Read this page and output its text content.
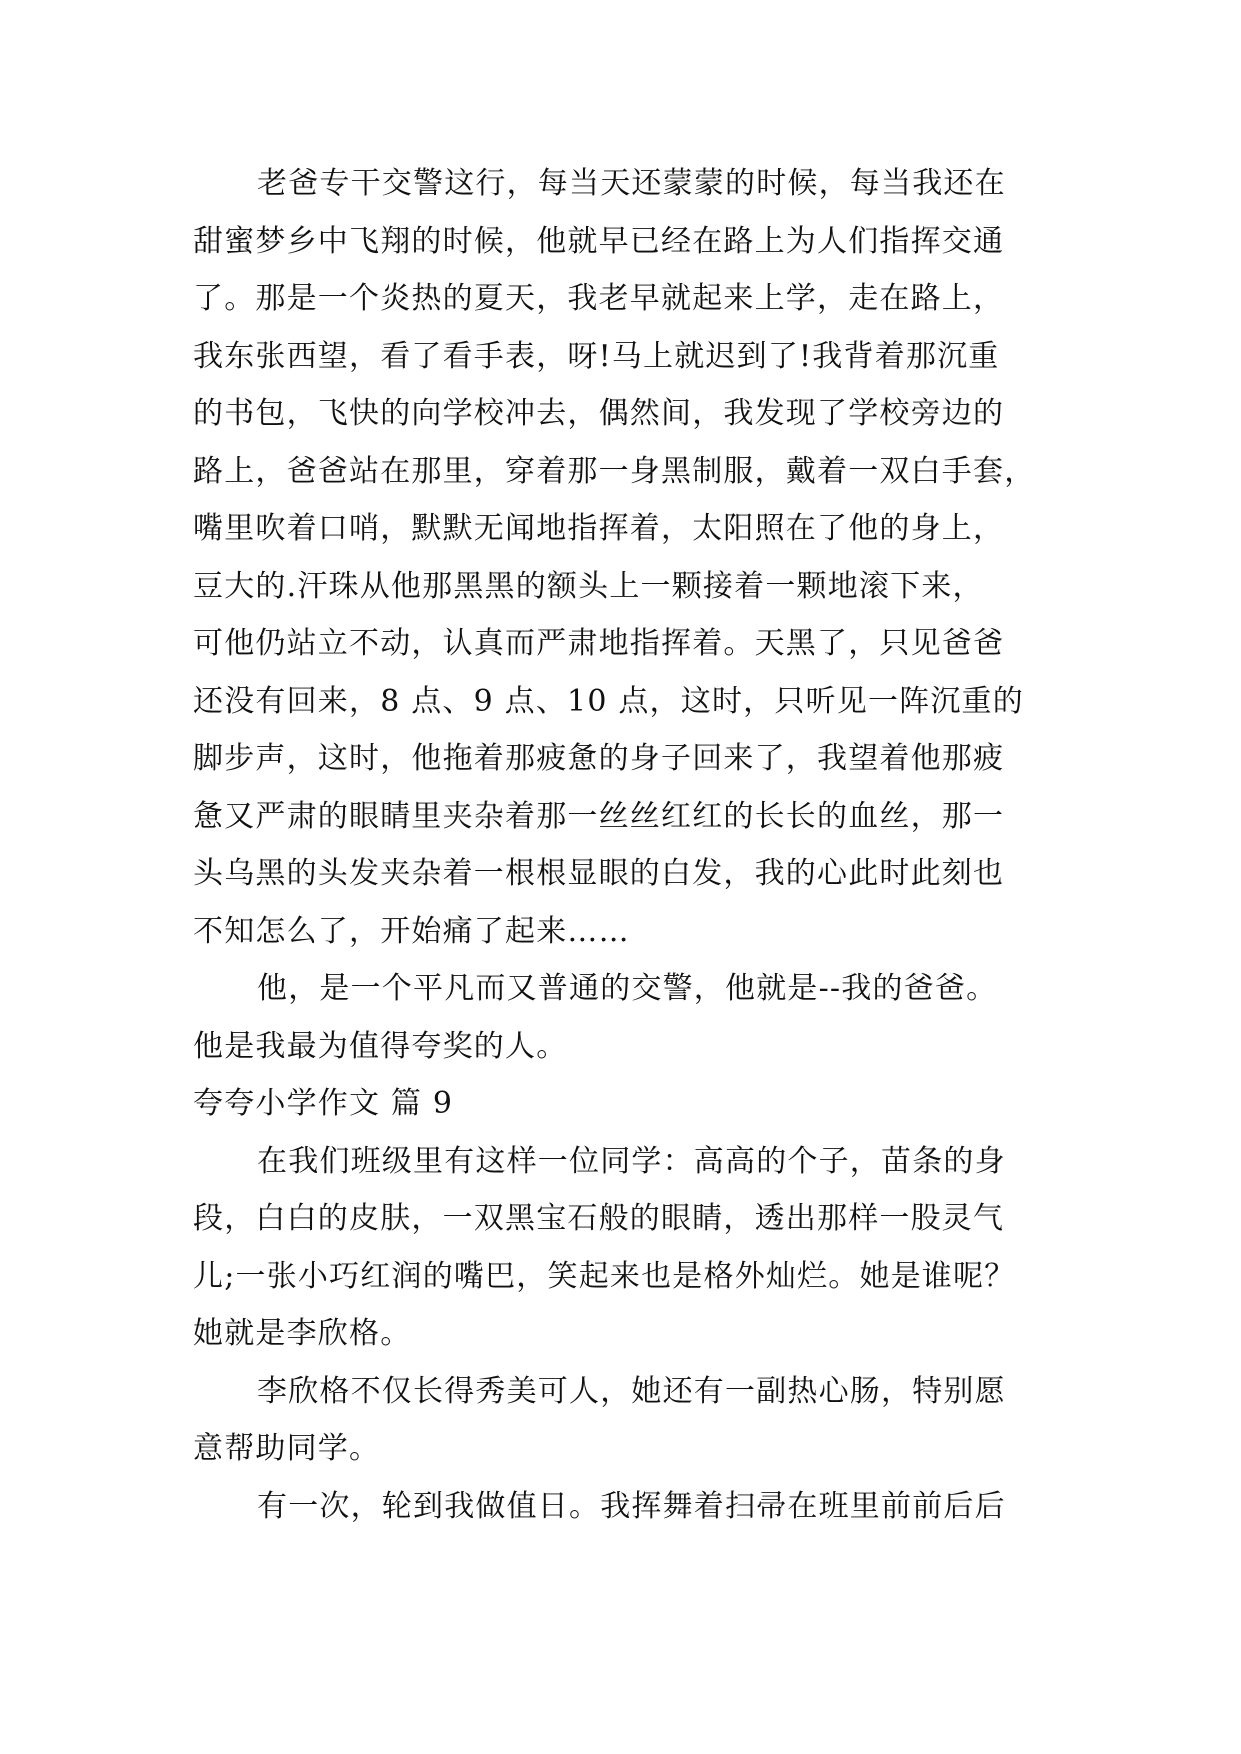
老爸专干交警这行，每当天还蒙蒙的时候，每当我还在

甜蜜梦乡中飞翔的时候，他就早已经在路上为人们指挥交通

了。那是一个炎热的夏天，我老早就起来上学，走在路上，

我东张西望，看了看手表，呀!马上就迟到了!我背着那沉重

的书包，飞快的向学校冲去，偶然间，我发现了学校旁边的

路上，爸爸站在那里，穿着那一身黑制服，戴着一双白手套，

嘴里吹着口哨，默默无闻地指挥着，太阳照在了他的身上，

豆大的.汗珠从他那黑黑的额头上一颗接着一颗地滚下来，

可他仍站立不动，认真而严肃地指挥着。天黑了，只见爸爸

还没有回来，8 点、9 点、10 点，这时，只听见一阵沉重的

脚步声，这时，他拖着那疲惫的身子回来了，我望着他那疲

惫又严肃的眼睛里夹杂着那一丝丝红红的长长的血丝，那一

头乌黑的头发夹杂着一根根显眼的白发，我的心此时此刻也

不知怎么了，开始痛了起来……

他，是一个平凡而又普通的交警，他就是--我的爸爸。

他是我最为值得夸奖的人。

夸夸小学作文 篇 9

在我们班级里有这样一位同学：高高的个子，苗条的身

段，白白的皮肤，一双黑宝石般的眼睛，透出那样一股灵气

儿;一张小巧红润的嘴巴，笑起来也是格外灿烂。她是谁呢？

她就是李欣格。

李欣格不仅长得秀美可人，她还有一副热心肠，特别愿

意帮助同学。

有一次，轮到我做值日。我挥舞着扫帚在班里前前后后
